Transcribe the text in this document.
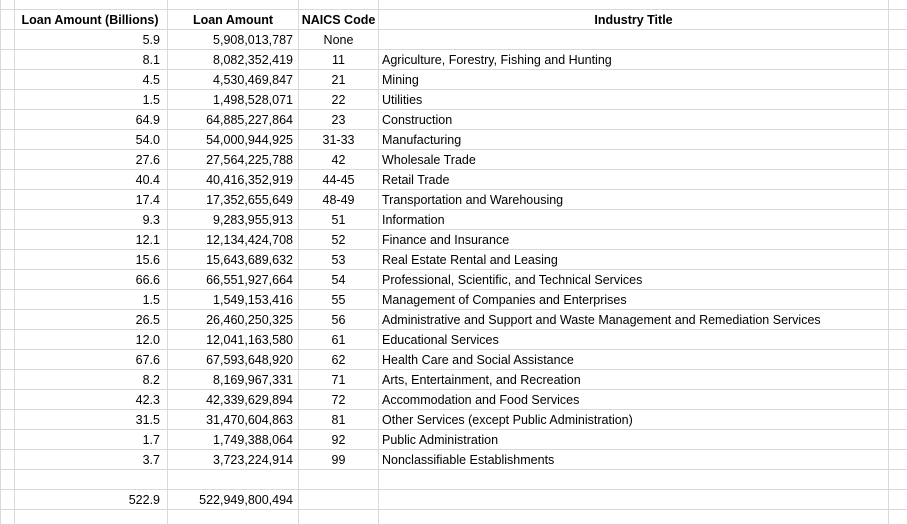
Loan Amount (Billions)	Loan Amount	NAICS Code	Industry Title
5.9	5,908,013,787	None
8.1	8,082,352,419	11	Agriculture, Forestry, Fishing and Hunting
4.5	4,530,469,847	21	Mining
1.5	1,498,528,071	22	Utilities
64.9	64,885,227,864	23	Construction
54.0	54,000,944,925	31-33	Manufacturing
27.6	27,564,225,788	42	Wholesale Trade
40.4	40,416,352,919	44-45	Retail Trade
17.4	17,352,655,649	48-49	Transportation and Warehousing
9.3	9,283,955,913	51	Information
12.1	12,134,424,708	52	Finance and Insurance
15.6	15,643,689,632	53	Real Estate Rental and Leasing
66.6	66,551,927,664	54	Professional, Scientific, and Technical Services
1.5	1,549,153,416	55	Management of Companies and Enterprises
26.5	26,460,250,325	56	Administrative and Support and Waste Management and Remediation Services
12.0	12,041,163,580	61	Educational Services
67.6	67,593,648,920	62	Health Care and Social Assistance
8.2	8,169,967,331	71	Arts, Entertainment, and Recreation
42.3	42,339,629,894	72	Accommodation and Food Services
31.5	31,470,604,863	81	Other Services (except Public Administration)
1.7	1,749,388,064	92	Public Administration
3.7	3,723,224,914	99	Nonclassifiable Establishments
522.9	522,949,800,494
